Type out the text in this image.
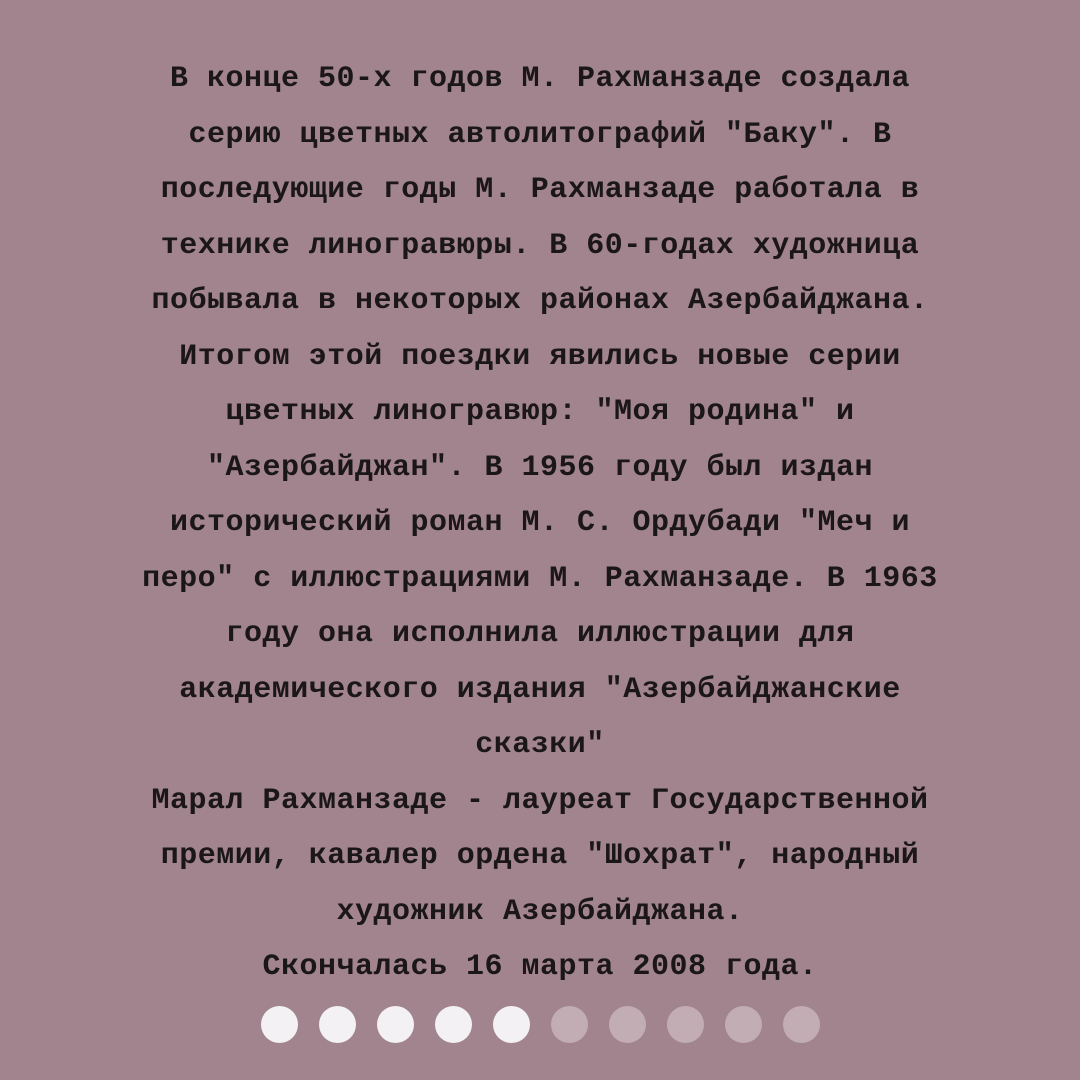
В конце 50-х годов М. Рахманзаде создала
серию цветных автолитографий "Баку". В
последующие годы М. Рахманзаде работала в
технике линогравюры. В 60-годах художница
побывала в некоторых районах Азербайджана.
Итогом этой поездки явились новые серии
цветных линогравюр: "Моя родина" и
"Азербайджан". В 1956 году был издан
исторический роман М. С. Ордубади "Меч и
перо" с иллюстрациями М. Рахманзаде. В 1963
году она исполнила иллюстрации для
академического издания "Азербайджанские
сказки"
Марал Рахманзаде - лауреат Государственной
премии, кавалер ордена "Шохрат", народный
художник Азербайджана.
Скончалась 16 марта 2008 года.
